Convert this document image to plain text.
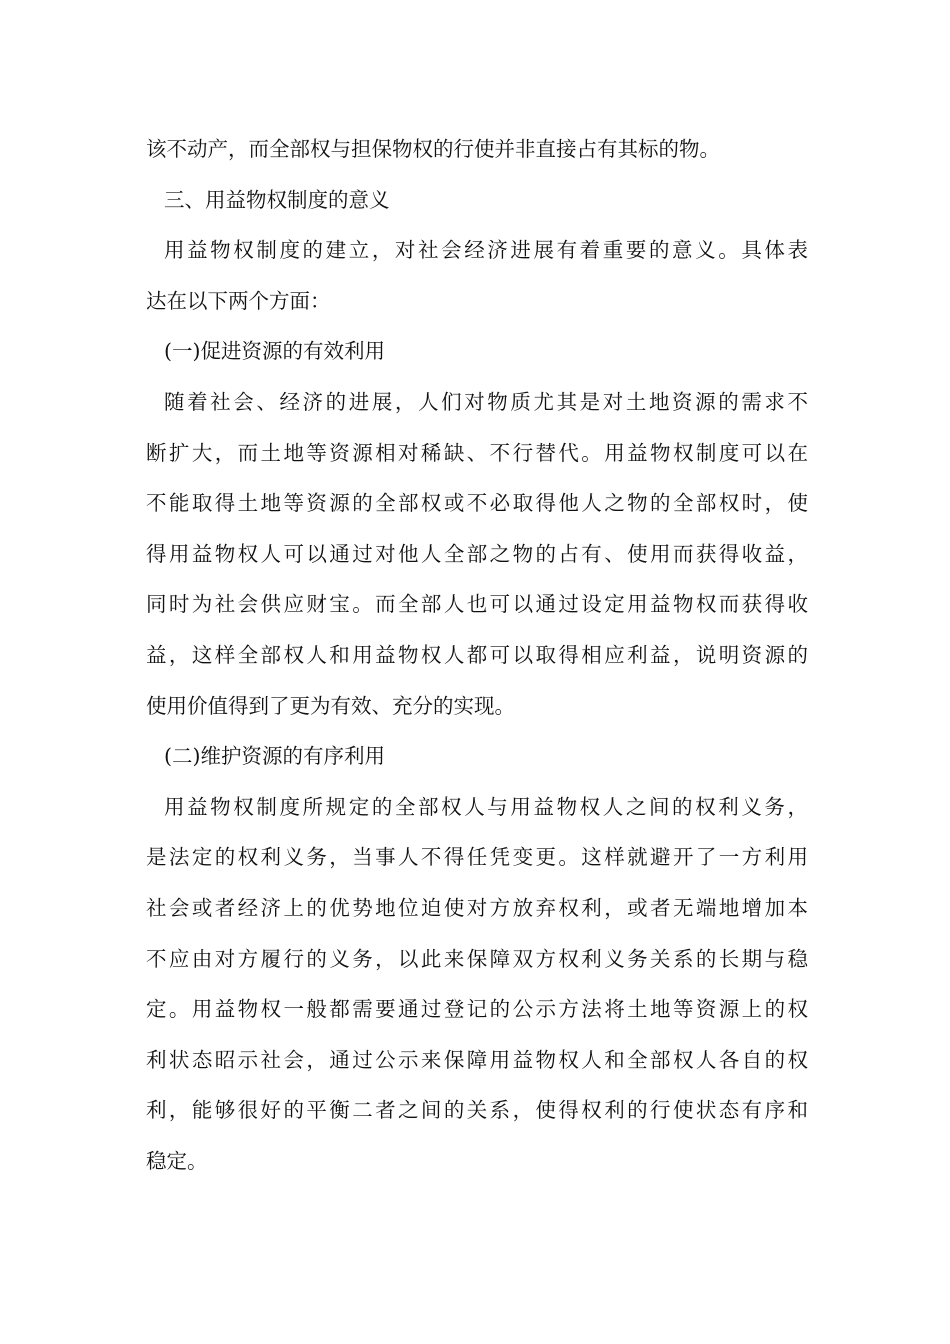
该不动产，而全部权与担保物权的行使并非直接占有其标的物。
三、用益物权制度的意义
用益物权制度的建立，对社会经济进展有着重要的意义。具体表
达在以下两个方面：
(一)促进资源的有效利用
随着社会、经济的进展，人们对物质尤其是对土地资源的需求不
断扩大，而土地等资源相对稀缺、不行替代。用益物权制度可以在
不能取得土地等资源的全部权或不必取得他人之物的全部权时，使
得用益物权人可以通过对他人全部之物的占有、使用而获得收益，
同时为社会供应财宝。而全部人也可以通过设定用益物权而获得收
益，这样全部权人和用益物权人都可以取得相应利益，说明资源的
使用价值得到了更为有效、充分的实现。
(二)维护资源的有序利用
用益物权制度所规定的全部权人与用益物权人之间的权利义务，
是法定的权利义务，当事人不得任凭变更。这样就避开了一方利用
社会或者经济上的优势地位迫使对方放弃权利，或者无端地增加本
不应由对方履行的义务，以此来保障双方权利义务关系的长期与稳
定。用益物权一般都需要通过登记的公示方法将土地等资源上的权
利状态昭示社会，通过公示来保障用益物权人和全部权人各自的权
利，能够很好的平衡二者之间的关系，使得权利的行使状态有序和
稳定。
